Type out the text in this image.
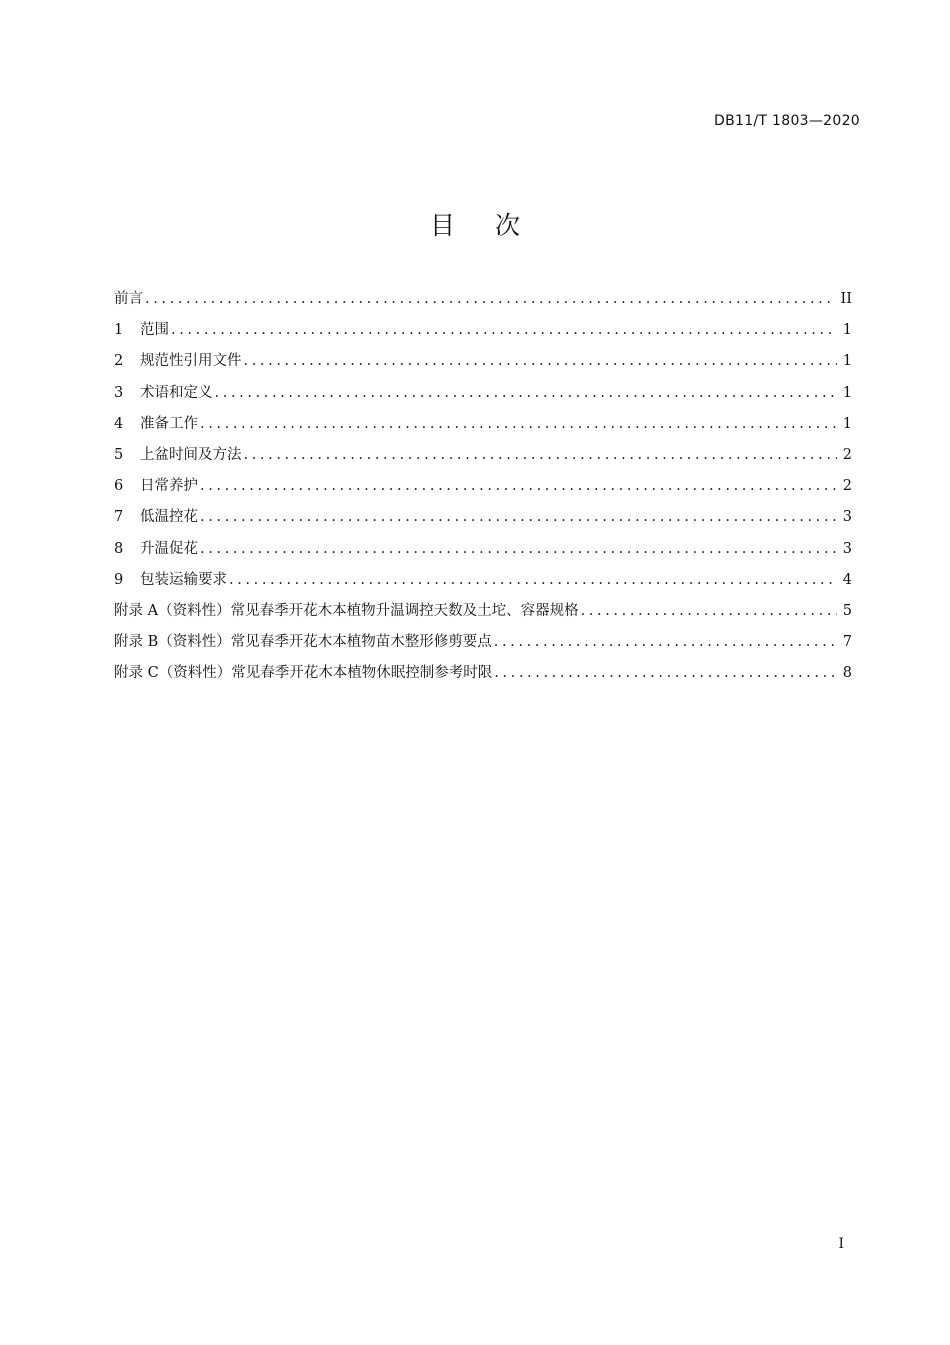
DB11/T 1803—2020
目 次
前言 .....	II
1	范围 .....	1
2	规范性引用文件 .....	1
3	术语和定义 .....	1
4	准备工作 .....	1
5	上盆时间及方法 .....	2
6	日常养护 .....	2
7	低温控花 .....	3
8	升温促花 .....	3
9	包装运输要求 .....	4
附录 A（资料性）常见春季开花木本植物升温调控天数及土坨、容器规格 .....	5
附录 B（资料性）常见春季开花木本植物苗木整形修剪要点 .....	7
附录 C（资料性）常见春季开花木本植物休眠控制参考时限 .....	8
I
